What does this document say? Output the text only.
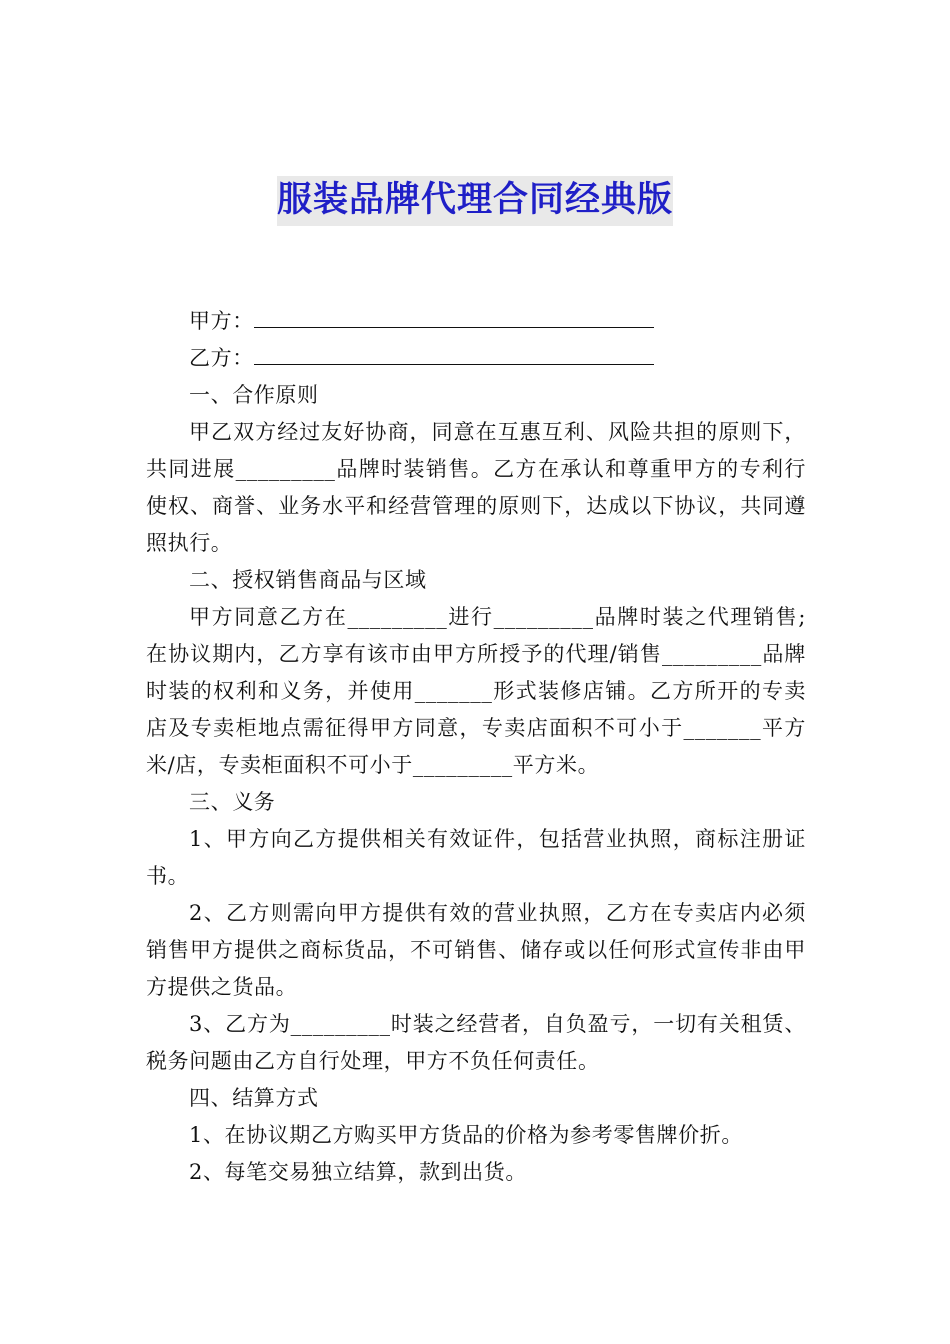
服装品牌代理合同经典版

甲方：

乙方：

一、合作原则

甲乙双方经过友好协商，同意在互惠互利、风险共担的原则下，共同进展_________品牌时装销售。乙方在承认和尊重甲方的专利行使权、商誉、业务水平和经营管理的原则下，达成以下协议，共同遵照执行。

二、授权销售商品与区域

甲方同意乙方在_________进行_________品牌时装之代理销售;在协议期内，乙方享有该市由甲方所授予的代理/销售_________品牌时装的权利和义务，并使用_______形式装修店铺。乙方所开的专卖店及专卖柜地点需征得甲方同意，专卖店面积不可小于_______平方米/店，专卖柜面积不可小于_________平方米。

三、义务

1、甲方向乙方提供相关有效证件，包括营业执照，商标注册证书。

2、乙方则需向甲方提供有效的营业执照，乙方在专卖店内必须销售甲方提供之商标货品，不可销售、储存或以任何形式宣传非由甲方提供之货品。

3、乙方为_________时装之经营者，自负盈亏，一切有关租赁、税务问题由乙方自行处理，甲方不负任何责任。

四、结算方式

1、在协议期乙方购买甲方货品的价格为参考零售牌价折。

2、每笔交易独立结算，款到出货。
